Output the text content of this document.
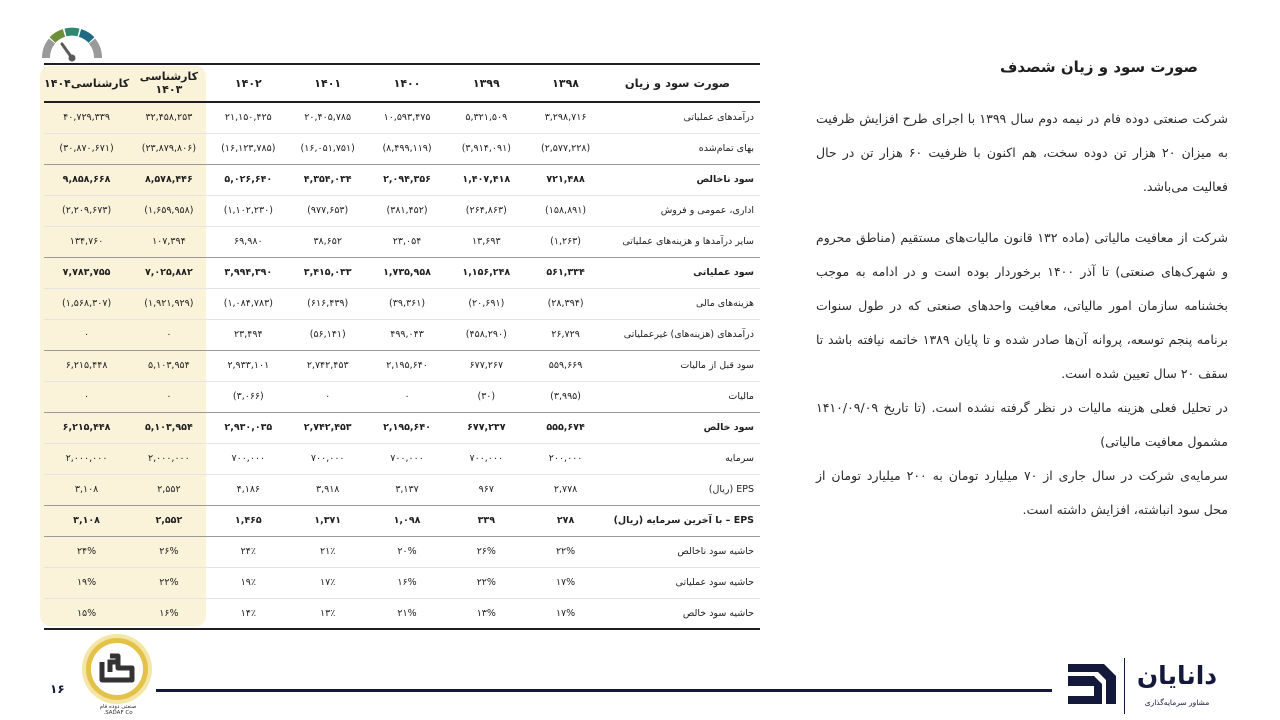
صورت سود و زیان	۱۳۹۸	۱۳۹۹	۱۴۰۰	۱۴۰۱	۱۴۰۲	کارشناسی ۱۴۰۳	کارشناسی۱۴۰۴
درآمدهای عملیاتی	۳,۲۹۸,۷۱۶	۵,۳۲۱,۵۰۹	۱۰,۵۹۳,۴۷۵	۲۰,۴۰۵,۷۸۵	۲۱,۱۵۰,۴۲۵	۳۲,۴۵۸,۲۵۳	۴۰,۷۲۹,۳۳۹
بهای تمام‌شده	(۲,۵۷۷,۲۲۸)	(۳,۹۱۴,۰۹۱)	(۸,۴۹۹,۱۱۹)	(۱۶,۰۵۱,۷۵۱)	(۱۶,۱۲۳,۷۸۵)	(۲۳,۸۷۹,۸۰۶)	(۳۰,۸۷۰,۶۷۱)
سود ناخالص	۷۲۱,۴۸۸	۱,۴۰۷,۴۱۸	۲,۰۹۴,۳۵۶	۴,۳۵۴,۰۳۴	۵,۰۲۶,۶۴۰	۸,۵۷۸,۴۴۶	۹,۸۵۸,۶۶۸
اداری، عمومی و فروش	(۱۵۸,۸۹۱)	(۲۶۴,۸۶۳)	(۳۸۱,۴۵۲)	(۹۷۷,۶۵۳)	(۱,۱۰۲,۲۳۰)	(۱,۶۵۹,۹۵۸)	(۲,۲۰۹,۶۷۳)
سایر درآمدها و هزینه‌های عملیاتی	(۱,۲۶۳)	۱۳,۶۹۳	۲۳,۰۵۴	۳۸,۶۵۲	۶۹,۹۸۰	۱۰۷,۳۹۴	۱۳۴,۷۶۰
سود عملیاتی	۵۶۱,۳۳۴	۱,۱۵۶,۲۴۸	۱,۷۳۵,۹۵۸	۳,۴۱۵,۰۳۳	۳,۹۹۴,۳۹۰	۷,۰۲۵,۸۸۲	۷,۷۸۳,۷۵۵
هزینه‌های مالی	(۲۸,۳۹۴)	(۲۰,۶۹۱)	(۳۹,۳۶۱)	(۶۱۶,۴۳۹)	(۱,۰۸۴,۷۸۳)	(۱,۹۲۱,۹۲۹)	(۱,۵۶۸,۳۰۷)
درآمدهای (هزینه‌های) غیرعملیاتی	۲۶,۷۲۹	(۴۵۸,۲۹۰)	۴۹۹,۰۴۳	(۵۶,۱۴۱)	۲۳,۴۹۴	۰	۰
سود قبل از مالیات	۵۵۹,۶۶۹	۶۷۷,۲۶۷	۲,۱۹۵,۶۴۰	۲,۷۴۲,۴۵۳	۲,۹۳۳,۱۰۱	۵,۱۰۳,۹۵۴	۶,۲۱۵,۴۴۸
مالیات	(۳,۹۹۵)	(۳۰)	۰	۰	(۳,۰۶۶)	۰	۰
سود خالص	۵۵۵,۶۷۴	۶۷۷,۲۳۷	۲,۱۹۵,۶۴۰	۲,۷۴۲,۴۵۳	۲,۹۳۰,۰۳۵	۵,۱۰۳,۹۵۴	۶,۲۱۵,۴۴۸
سرمایه	۲۰۰,۰۰۰	۷۰۰,۰۰۰	۷۰۰,۰۰۰	۷۰۰,۰۰۰	۷۰۰,۰۰۰	۲,۰۰۰,۰۰۰	۲,۰۰۰,۰۰۰
EPS (ریال)	۲,۷۷۸	۹۶۷	۳,۱۳۷	۳,۹۱۸	۴,۱۸۶	۲,۵۵۲	۳,۱۰۸
EPS – با آخرین سرمایه (ریال)	۲۷۸	۳۳۹	۱,۰۹۸	۱,۳۷۱	۱,۴۶۵	۲,۵۵۲	۳,۱۰۸
حاشیه سود ناخالص	۲۲%	۲۶%	۲۰%	۲۱٪	۲۴٪	۲۶%	۲۴%
حاشیه سود عملیاتی	۱۷%	۲۲%	۱۶%	۱۷٪	۱۹٪	۲۲%	۱۹%
حاشیه سود خالص	۱۷%	۱۳%	۲۱%	۱۳٪	۱۴٪	۱۶%	۱۵%
صورت سود و زیان شصدف

شرکت صنعتی دوده فام در نیمه دوم سال ۱۳۹۹ با اجرای طرح افزایش ظرفیت به میزان ۲۰ هزار تن دوده سخت، هم اکنون با ظرفیت ۶۰ هزار تن در حال فعالیت می‌باشد.

شرکت از معافیت مالیاتی (ماده ۱۳۲ قانون مالیات‌های مستقیم (مناطق محروم و شهرک‌های صنعتی) تا آذر ۱۴۰۰ برخوردار بوده است و در ادامه به موجب بخشنامه سازمان امور مالیاتی، معافیت واحدهای صنعتی که در طول سنوات برنامه پنجم توسعه، پروانه آن‌ها صادر شده و تا پایان ۱۳۸۹ خاتمه نیافته باشد تا سقف ۲۰ سال تعیین شده است.

در تحلیل فعلی هزینه مالیات در نظر گرفته نشده است. (تا تاریخ ۱۴۱۰/۰۹/۰۹ مشمول معافیت مالیاتی)

سرمایه‌ی شرکت در سال جاری از ۷۰ میلیارد تومان به ۲۰۰ میلیارد تومان از محل سود انباشته، افزایش داشته است.

۱۶
صنعتی دوده فام
SADAF Co.
دانایان
مشاور سرمایه‌گذاری
